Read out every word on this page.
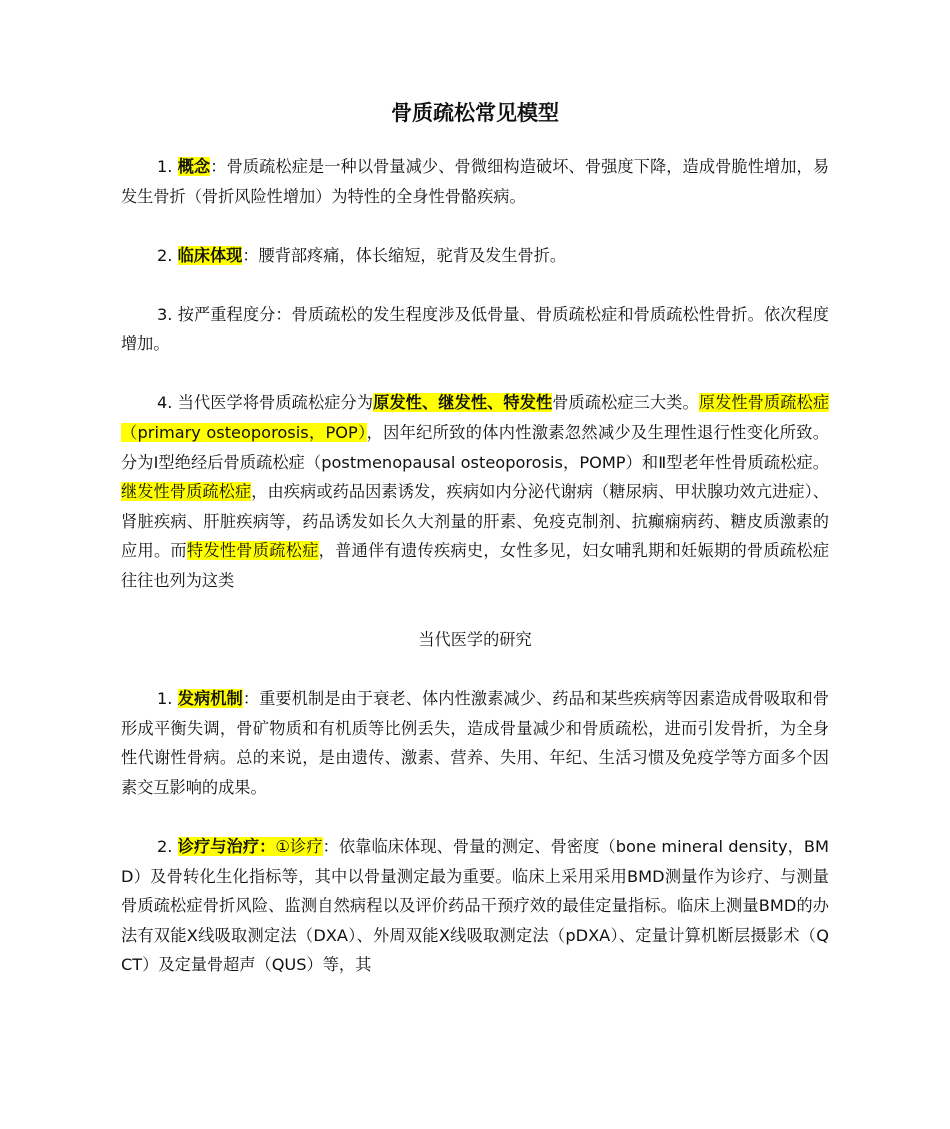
骨质疏松常见模型

1. 概念：骨质疏松症是一种以骨量减少、骨微细构造破坏、骨强度下降，造成骨脆性增加，易发生骨折（骨折风险性增加）为特性的全身性骨骼疾病。

2. 临床体现：腰背部疼痛，体长缩短，驼背及发生骨折。

3. 按严重程度分：骨质疏松的发生程度涉及低骨量、骨质疏松症和骨质疏松性骨折。依次程度增加。

4. 当代医学将骨质疏松症分为原发性、继发性、特发性骨质疏松症三大类。原发性骨质疏松症（primary osteoporosis，POP），因年纪所致的体内性激素忽然减少及生理性退行性变化所致。分为Ⅰ型绝经后骨质疏松症（postmenopausal osteoporosis，POMP）和Ⅱ型老年性骨质疏松症。继发性骨质疏松症，由疾病或药品因素诱发，疾病如内分泌代谢病（糖尿病、甲状腺功效亢进症）、肾脏疾病、肝脏疾病等，药品诱发如长久大剂量的肝素、免疫克制剂、抗癫痫病药、糖皮质激素的应用。而特发性骨质疏松症，普通伴有遗传疾病史，女性多见，妇女哺乳期和妊娠期的骨质疏松症往往也列为这类

当代医学的研究

1. 发病机制：重要机制是由于衰老、体内性激素减少、药品和某些疾病等因素造成骨吸取和骨形成平衡失调，骨矿物质和有机质等比例丢失，造成骨量减少和骨质疏松，进而引发骨折，为全身性代谢性骨病。总的来说，是由遗传、激素、营养、失用、年纪、生活习惯及免疫学等方面多个因素交互影响的成果。

2. 诊疗与治疗：①诊疗：依靠临床体现、骨量的测定、骨密度（bone mineral density，BMD）及骨转化生化指标等，其中以骨量测定最为重要。临床上采用采用BMD测量作为诊疗、与测量骨质疏松症骨折风险、监测自然病程以及评价药品干预疗效的最佳定量指标。临床上测量BMD的办法有双能X线吸取测定法（DXA）、外周双能X线吸取测定法（pDXA）、定量计算机断层摄影术（QCT）及定量骨超声（QUS）等，其
